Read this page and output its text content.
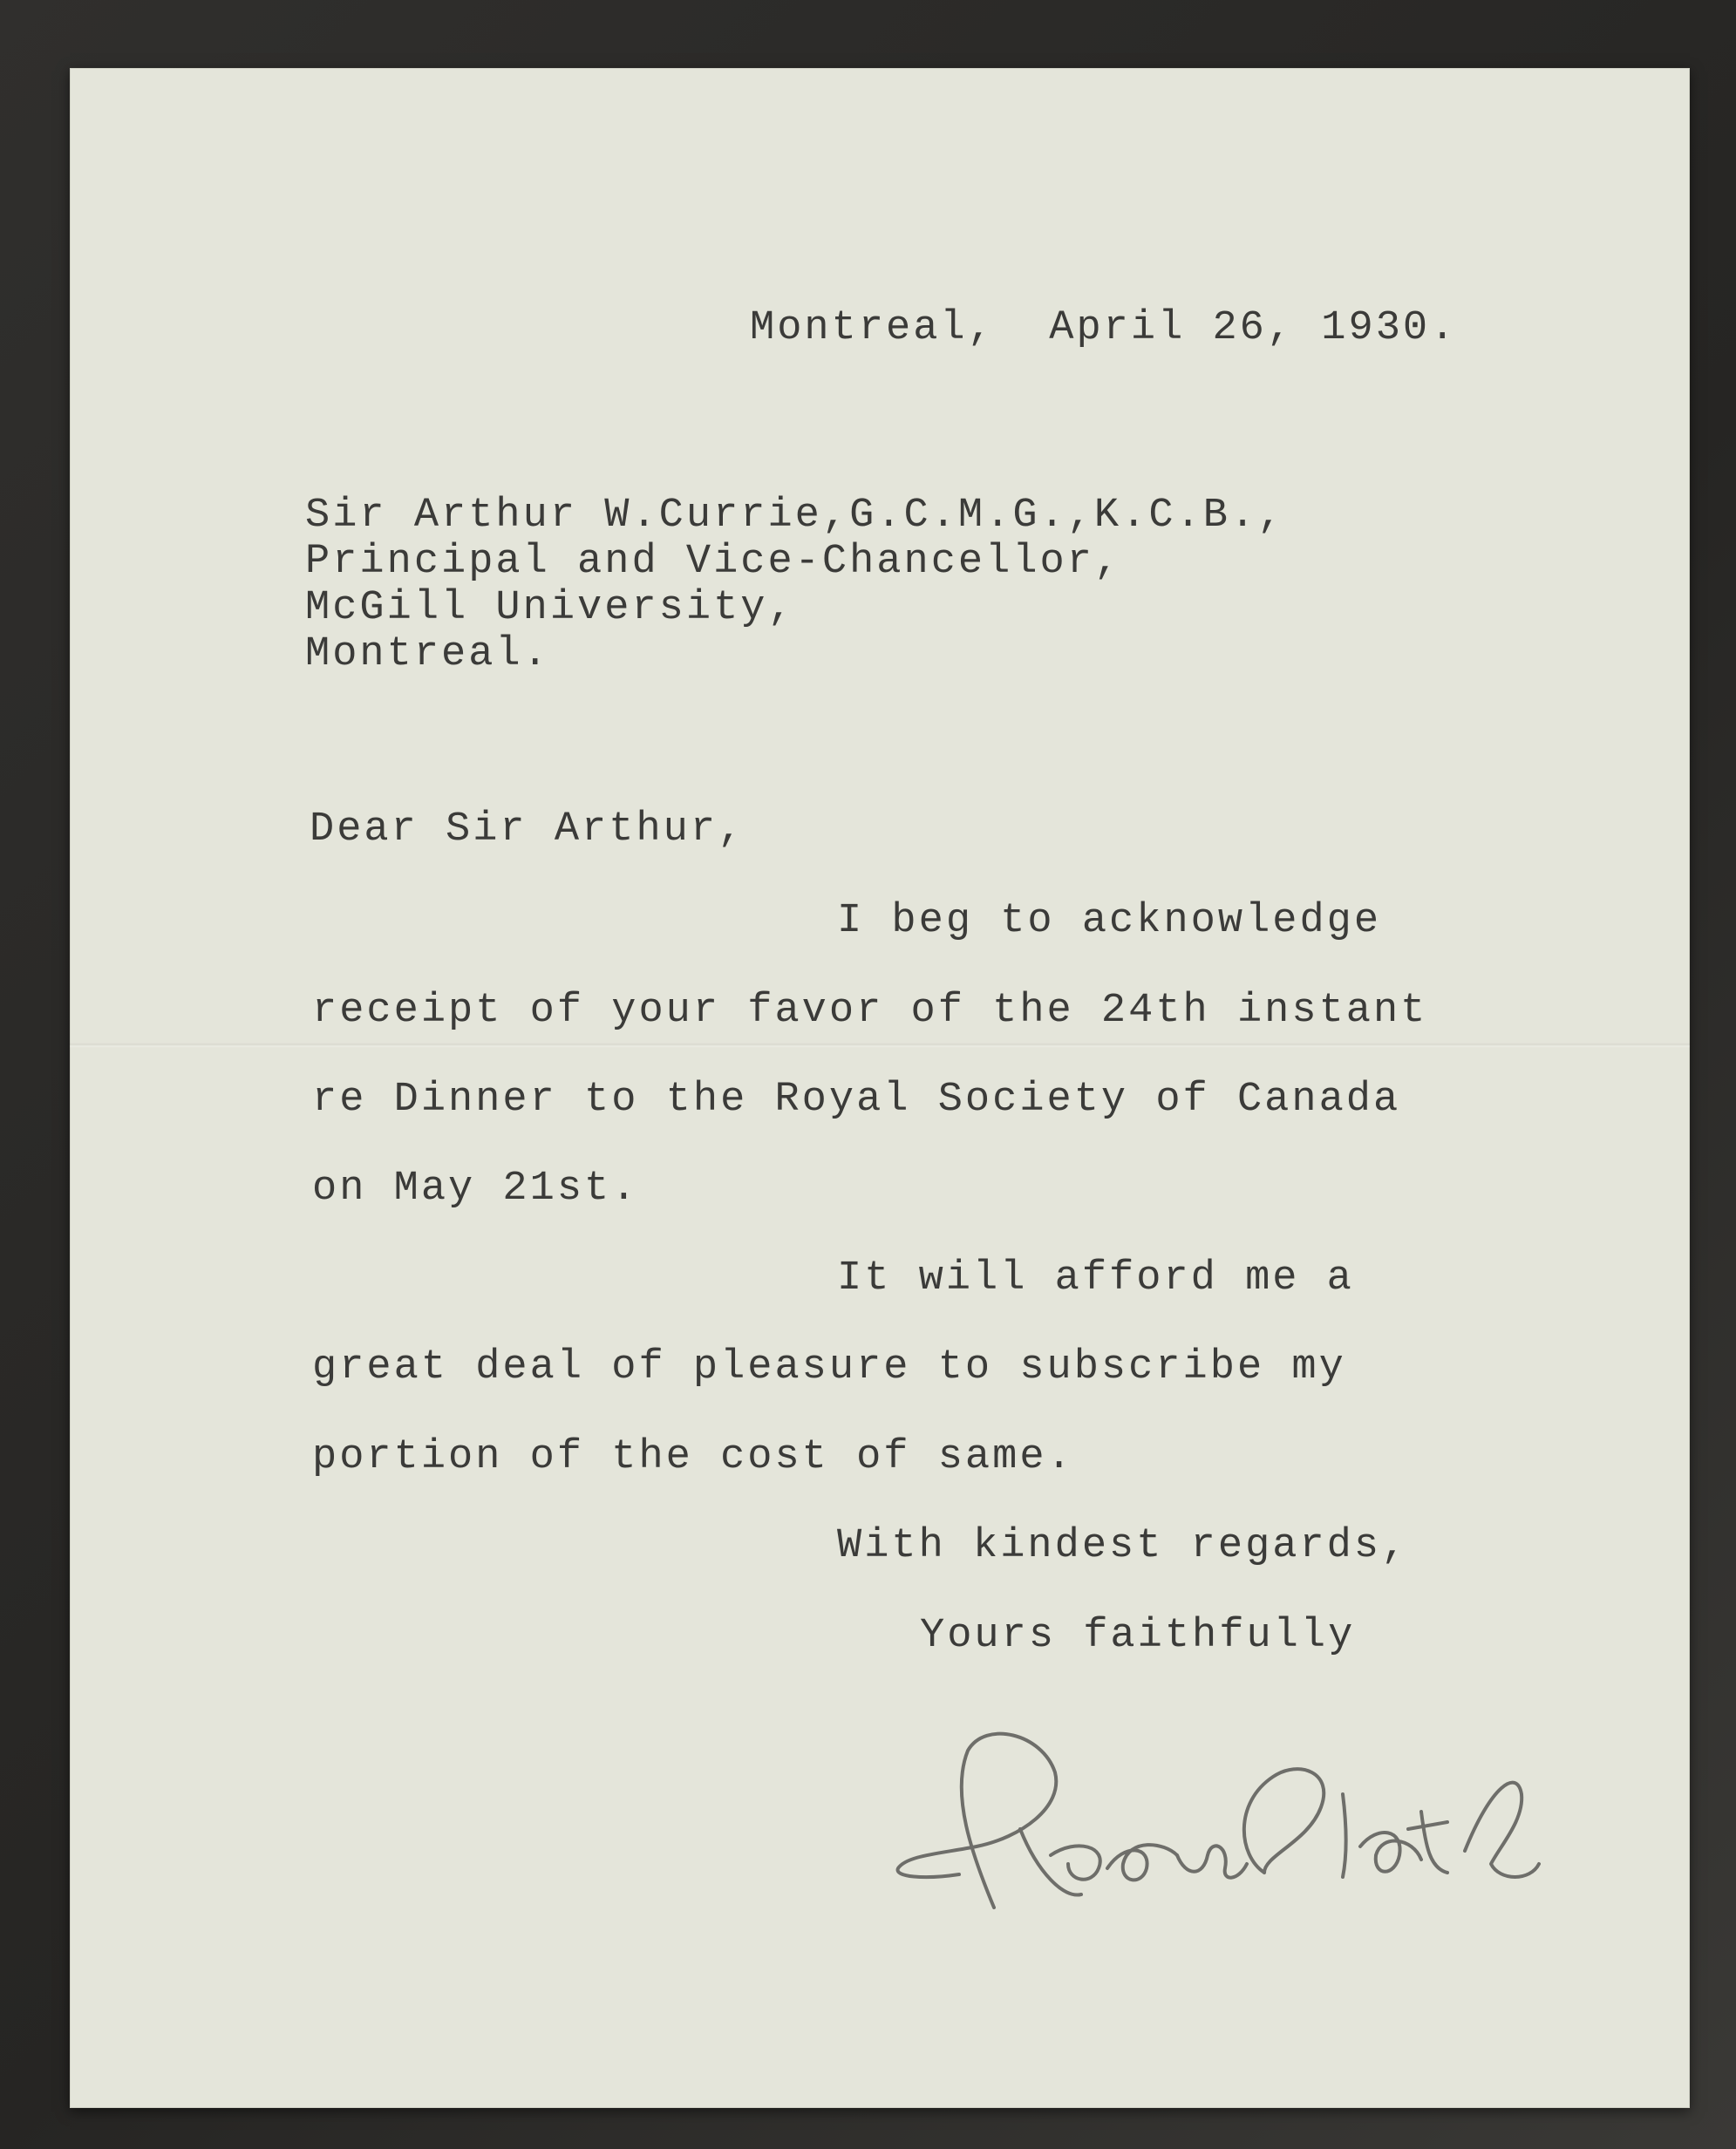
Montreal,  April 26, 1930.
Sir Arthur W.Currie,G.C.M.G.,K.C.B.,
Principal and Vice-Chancellor,
McGill University,
Montreal.
Dear Sir Arthur,
I beg to acknowledge
receipt of your favor of the 24th instant
re Dinner to the Royal Society of Canada
on May 21st.
It will afford me a
great deal of pleasure to subscribe my
portion of the cost of same.
With kindest regards,
Yours faithfully
